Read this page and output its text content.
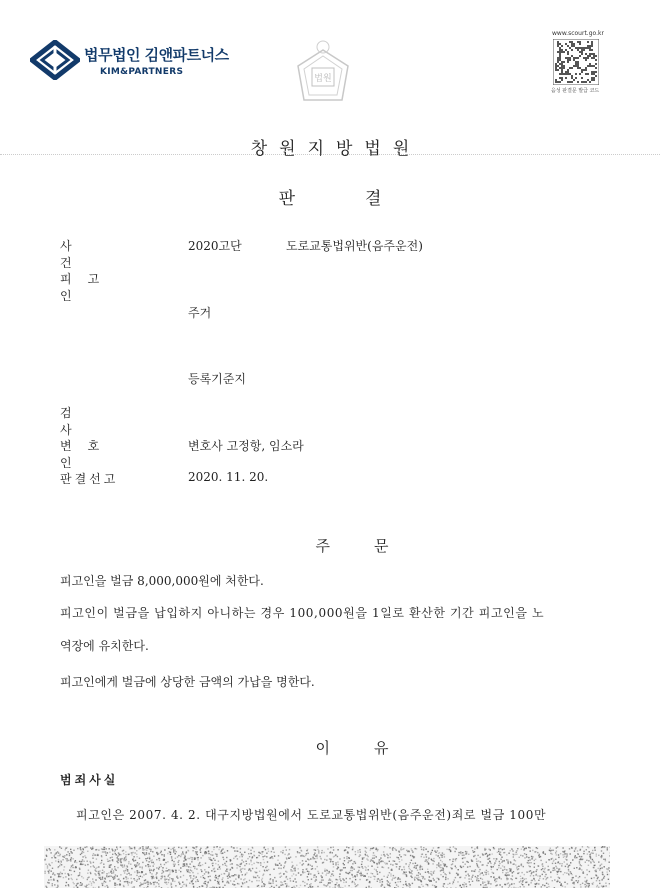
법무법인 김앤파트너스
KIM&PARTNERS
법원
www.scourt.go.kr
음성 판결문 발급 코드
창원지방법원
판결
사건
2020고단	도로교통법위반(음주운전)
피고인
주거
등록기준지
검사
변호인
변호사 고정항, 임소라
판결선고	2020. 11. 20.
주문
피고인을 벌금 8,000,000원에 처한다.
피고인이 벌금을 납입하지 아니하는 경우 100,000원을 1일로 환산한 기간 피고인을 노
역장에 유치한다.
피고인에게 벌금에 상당한 금액의 가납을 명한다.
이유
범죄사실
피고인은 2007. 4. 2. 대구지방법원에서 도로교통법위반(음주운전)죄로 벌금 100만
